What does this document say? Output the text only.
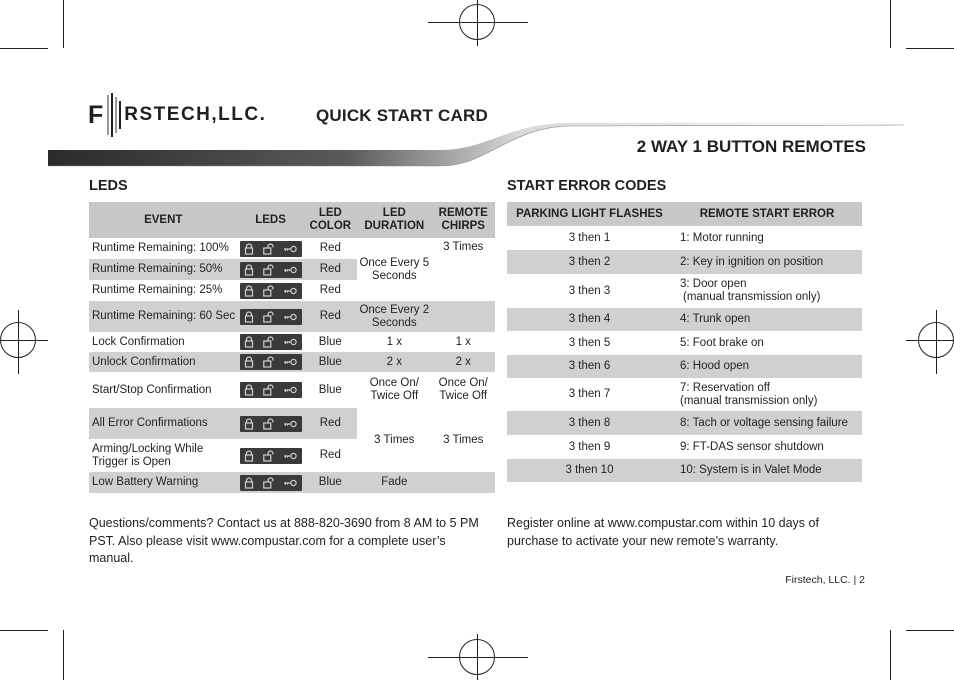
F RSTECH,LLC.	QUICK START CARD
2 WAY 1 BUTTON REMOTES
LEDS
EVENT	LEDS	LED COLOR	LED DURATION	REMOTE CHIRPS
Runtime Remaining: 100%		Red	Once Every 5 Seconds	3 Times
Runtime Remaining: 50%		Red		
Runtime Remaining: 25%		Red		
Runtime Remaining: 60 Sec		Red	Once Every 2 Seconds	
Lock Confirmation		Blue	1 x	1 x
Unlock Confirmation		Blue	2 x	2 x
Start/Stop Confirmation		Blue	Once On/ Twice Off	Once On/ Twice Off
All Error Confirmations		Red	3 Times	3 Times
Arming/Locking While Trigger is Open		Red		
Low Battery Warning		Blue	Fade	
START ERROR CODES
PARKING LIGHT FLASHES	REMOTE START ERROR
3 then 1	1: Motor running
3 then 2	2: Key in ignition on position
3 then 3	3: Door open
(manual transmission only)

3 then 4	4: Trunk open
3 then 5	5: Foot brake on
3 then 6	6: Hood open
3 then 7	7: Reservation off
(manual transmission only)

3 then 8	8: Tach or voltage sensing failure
3 then 9	9: FT-DAS sensor shutdown
3 then 10	10: System is in Valet Mode
Questions/comments? Contact us at 888-820-3690 from 8 AM to 5 PM PST. Also please visit www.compustar.com for a complete user’s manual.
Register online at www.compustar.com within 10 days of purchase to activate your new remote’s warranty.
Firstech, LLC. | 2
